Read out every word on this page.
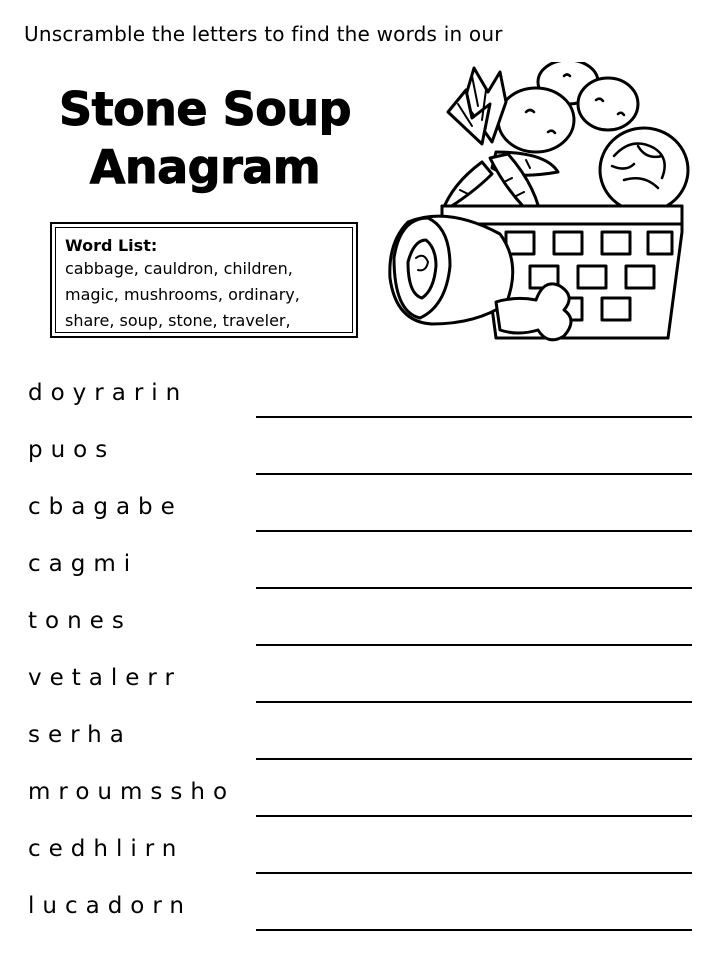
Unscramble the letters to find the words in our
Stone Soup
Anagram
Word List:
cabbage, cauldron, children,
magic, mushrooms, ordinary,
share, soup, stone, traveler,
doyrarin
puos
cbagabe
cagmi
tones
vetalerr
serha
mroumssho
cedhlirn
lucadorn
